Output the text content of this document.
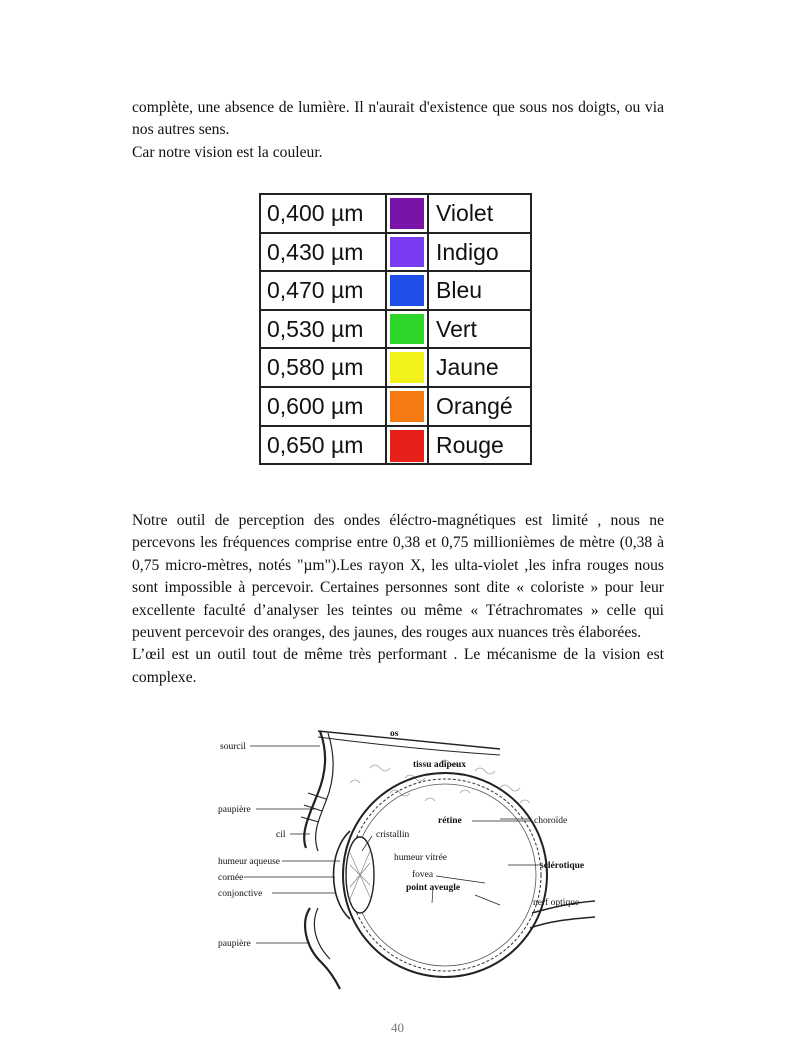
complète, une absence de lumière. Il n'aurait d'existence que sous nos doigts, ou via nos autres sens.

Car notre vision est la couleur.

0,400 µm	Violet
0,430 µm	Indigo
0,470 µm	Bleu
0,530 µm	Vert
0,580 µm	Jaune
0,600 µm	Orangé
0,650 µm	Rouge

Notre outil de perception des ondes éléctro-magnétiques est limité , nous ne percevons les fréquences comprise entre 0,38 et 0,75 millionièmes de mètre (0,38 à 0,75 micro-mètres, notés "µm").Les rayon X, les ulta-violet ,les infra rouges nous sont impossible à percevoir. Certaines personnes sont dite « coloriste » pour leur excellente faculté d’analyser les teintes ou même « Tétrachromates » celle qui peuvent percevoir des oranges, des jaunes, des rouges aux nuances très élaborées.

L’œil est un outil tout de même très performant . Le mécanisme de la vision est complexe.

os
tissu adipeux
sourcil
paupière
cil
humeur aqueuse
cornée
conjonctive
paupière
rétine
cristallin
humeur vitrée
fovea
point aveugle
choroïde
sclérotique
nerf optique
40
